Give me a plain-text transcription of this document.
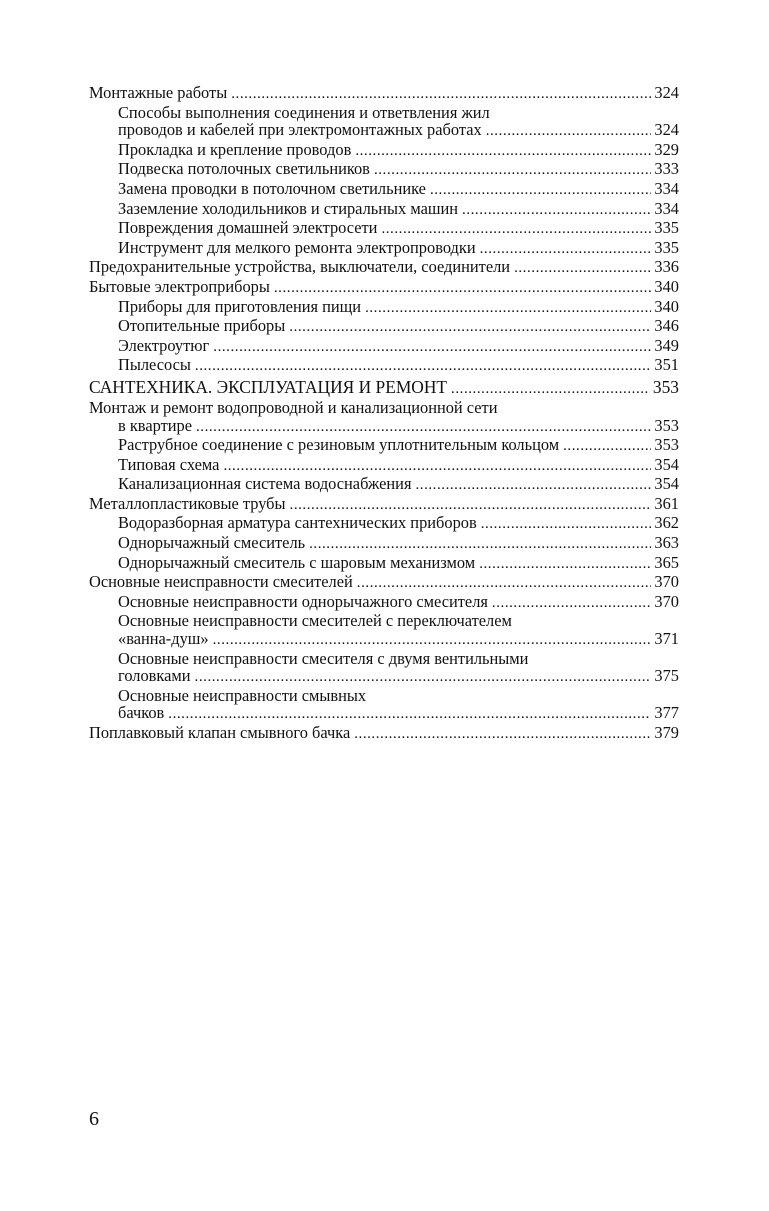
Монтажные работы . . .	324
Способы выполнения соединения и ответвления жил
проводов и кабелей при электромонтажных работах . . .	324
Прокладка и крепление проводов . . .	329
Подвеска потолочных светильников . . .	333
Замена проводки в потолочном светильнике . . .	334
Заземление холодильников и стиральных машин . . .	334
Повреждения домашней электросети . . .	335
Инструмент для мелкого ремонта электропроводки . . .	335
Предохранительные устройства, выключатели, соединители . . .	336
Бытовые электроприборы . . .	340
Приборы для приготовления пищи . . .	340
Отопительные приборы . . .	346
Электроутюг . . .	349
Пылесосы . . .	351
САНТЕХНИКА. ЭКСПЛУАТАЦИЯ И РЕМОНТ . . .	353
Монтаж и ремонт водопроводной и канализационной сети
в квартире . . .	353
Раструбное соединение с резиновым уплотнительным кольцом . . .	353
Типовая схема . . .	354
Канализационная система водоснабжения . . .	354
Металлопластиковые трубы . . .	361
Водоразборная арматура сантехнических приборов . . .	362
Однорычажный смеситель . . .	363
Однорычажный смеситель с шаровым механизмом . . .	365
Основные неисправности смесителей . . .	370
Основные неисправности однорычажного смесителя . . .	370
Основные неисправности смесителей с переключателем
«ванна-душ» . . .	371
Основные неисправности смесителя с двумя вентильными
головками . . .	375
Основные неисправности смывных
бачков . . .	377
Поплавковый клапан смывного бачка . . .	379
6
